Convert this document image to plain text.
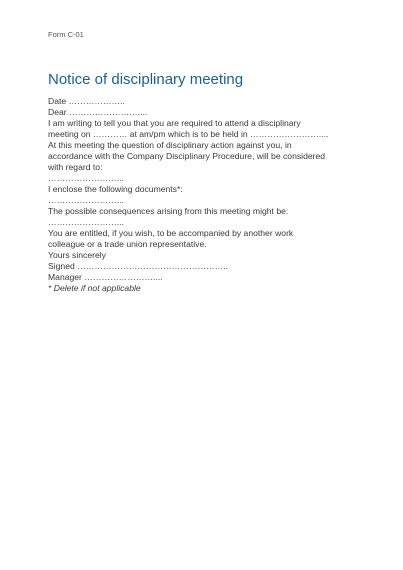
Form C-01
Notice of disciplinary meeting

Date ………………..

Dear ……………………....

I am writing to tell you that you are required to attend a disciplinary

meeting on ………… at am/pm which is to be held in ……………………....

At this meeting the question of disciplinary action against you, in

accordance with the Company Disciplinary Procedure, will be considered

with regard to:

……………………...

I enclose the following documents*:

……………………...

The possible consequences arising from this meeting might be:

……………………...

You are entitled, if you wish, to be accompanied by another work

colleague or a trade union representative.

Yours sincerely

Signed ……………………………………………..

Manager ……………………....

* Delete if not applicable
